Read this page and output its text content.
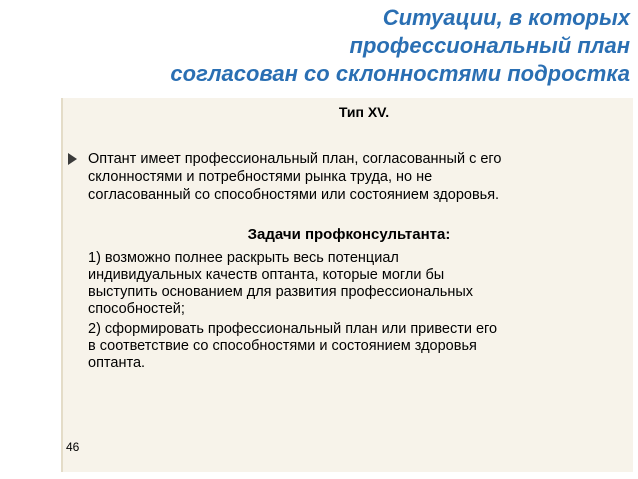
Ситуации, в которых
профессиональный план
согласован со склонностями подростка
Тип XV.
Оптант имеет профессиональный план, согласованный с его
склонностями и потребностями рынка труда, но не
согласованный со способностями или состоянием здоровья.
Задачи профконсультанта:
1) возможно полнее раскрыть весь потенциал
индивидуальных качеств оптанта, которые могли бы
выступить основанием для развития профессиональных
способностей;
2) сформировать профессиональный план или привести его
в соответствие со способностями и состоянием здоровья
оптанта.
46
